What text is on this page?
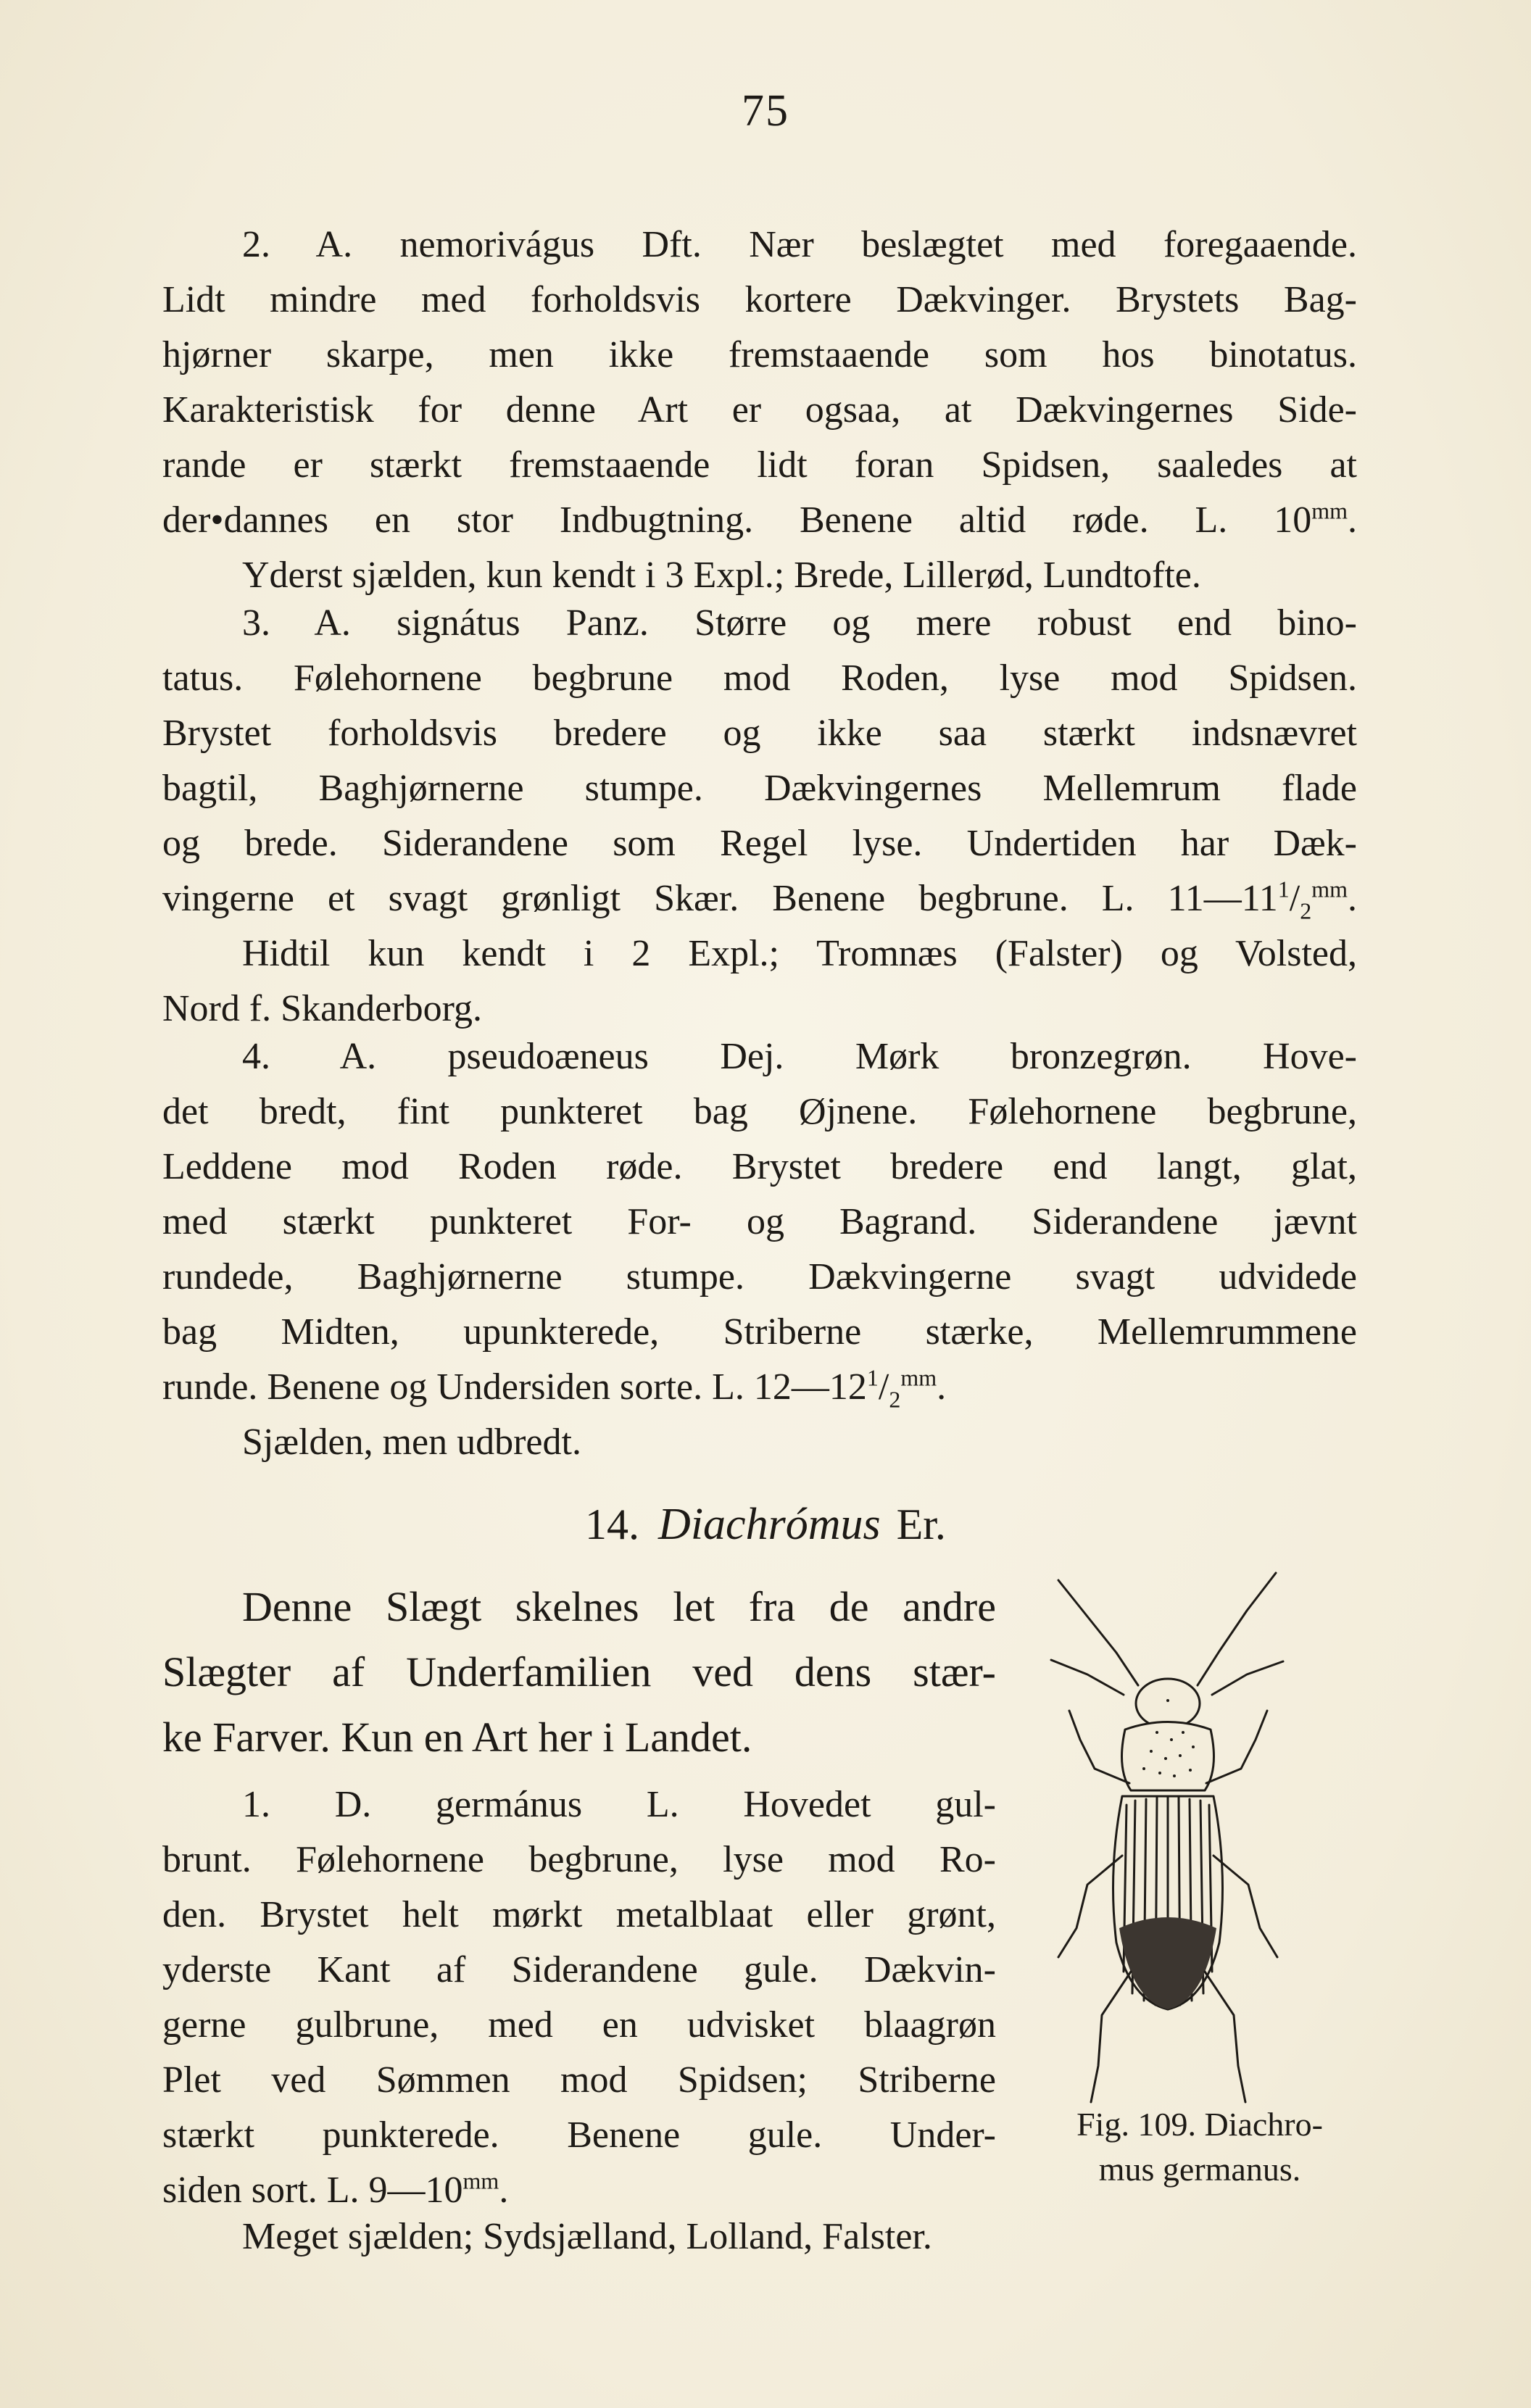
75
2. A. nemorivágus Dft. Nær beslægtet med foregaaende.
Lidt mindre med forholdsvis kortere Dækvinger. Brystets Bag-
hjørner skarpe, men ikke fremstaaende som hos binotatus.
Karakteristisk for denne Art er ogsaa, at Dækvingernes Side-
rande er stærkt fremstaaende lidt foran Spidsen, saaledes at
der•dannes en stor Indbugtning. Benene altid røde. L. $10^{mm}$.
Yderst sjælden, kun kendt i 3 Expl.; Brede, Lillerød, Lundtofte.
3. A. signátus Panz. Større og mere robust end bino-
tatus. Følehornene begbrune mod Roden, lyse mod Spidsen.
Brystet forholdsvis bredere og ikke saa stærkt indsnævret
bagtil, Baghjørnerne stumpe. Dækvingernes Mellemrum flade
og brede. Siderandene som Regel lyse. Undertiden har Dæk-
vingerne et svagt grønligt Skær. Benene begbrune. L. $11—11^1/_2^{mm}$.
Hidtil kun kendt i 2 Expl.; Tromnæs (Falster) og Volsted,
Nord f. Skanderborg.
4. A. pseudoæneus Dej. Mørk bronzegrøn. Hove-
det bredt, fint punkteret bag Øjnene. Følehornene begbrune,
Leddene mod Roden røde. Brystet bredere end langt, glat,
med stærkt punkteret For- og Bagrand. Siderandene jævnt
rundede, Baghjørnerne stumpe. Dækvingerne svagt udvidede
bag Midten, upunkterede, Striberne stærke, Mellemrummene
runde. Benene og Undersiden sorte. L. $12—12^1/_2^{mm}$.
Sjælden, men udbredt.
14. Diachrómus Er.
Denne Slægt skelnes let fra de andre
Slægter af Underfamilien ved dens stær-
ke Farver. Kun en Art her i Landet.
1. D. germánus L. Hovedet gul-
brunt. Følehornene begbrune, lyse mod Ro-
den. Brystet helt mørkt metalblaat eller grønt,
yderste Kant af Siderandene gule. Dækvin-
gerne gulbrune, med en udvisket blaagrøn
Plet ved Sømmen mod Spidsen; Striberne
stærkt punkterede. Benene gule. Under-
siden sort. L. $9—10^{mm}$.
Meget sjælden; Sydsjælland, Lolland, Falster.
Fig. 109. Diachro-
mus germanus.
